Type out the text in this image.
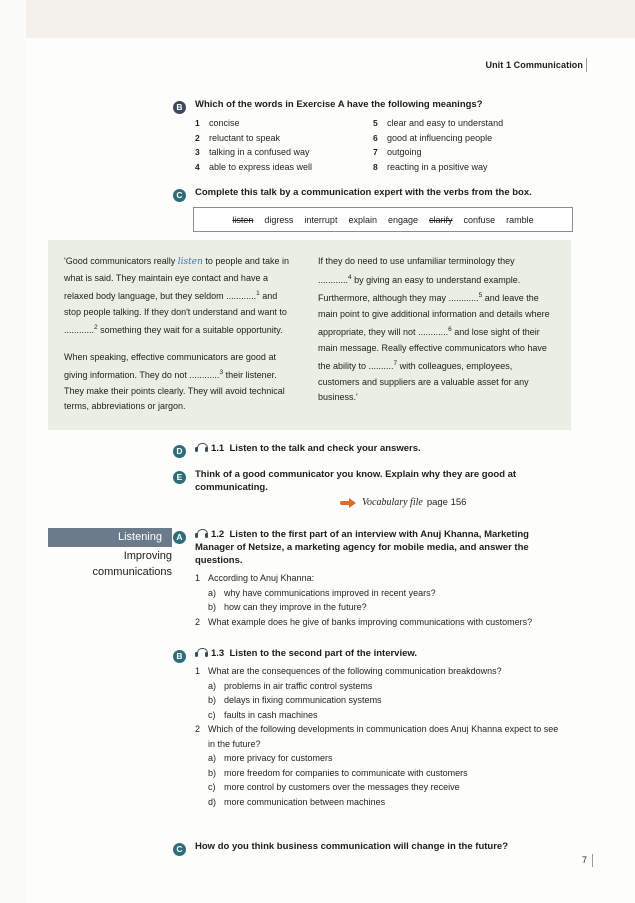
Unit 1 Communication
B	Which of the words in Exercise A have the following meanings?
1	concise
2	reluctant to speak
3	talking in a confused way
4	able to express ideas well
5	clear and easy to understand
6	good at influencing people
7	outgoing
8	reacting in a positive way
C	Complete this talk by a communication expert with the verbs from the box.
listen digress interrupt explain engage clarify confuse ramble

'Good communicators really listen to people and take in what is said. They maintain eye contact and have a relaxed body language, but they seldom ............$^1$ and stop people talking. If they don't understand and want to ............$^2$ something they wait for a suitable opportunity.

When speaking, effective communicators are good at giving information. They do not ............$^3$ their listener. They make their points clearly. They will avoid technical terms, abbreviations or jargon.

If they do need to use unfamiliar terminology they ............$^4$ by giving an easy to understand example. Furthermore, although they may ............$^5$ and leave the main point to give additional information and details where appropriate, they will not ............$^6$ and lose sight of their main message. Really effective communicators who have the ability to ..........$^7$ with colleagues, employees, customers and suppliers are a valuable asset for any business.'

D	1.1 Listen to the talk and check your answers.
E	Think of a good communicator you know. Explain why they are good at communicating.
Vocabulary file page 156
Listening
Improving
communications
A	1.2 Listen to the first part of an interview with Anuj Khanna, Marketing Manager of Netsize, a marketing agency for mobile media, and answer the questions.
1 According to Anuj Khanna:
a) why have communications improved in recent years?
b) how can they improve in the future?
2 What example does he give of banks improving communications with customers?
B	1.3 Listen to the second part of the interview.
1 What are the consequences of the following communication breakdowns?
a) problems in air traffic control systems
b) delays in fixing communication systems
c) faults in cash machines
2 Which of the following developments in communication does Anuj Khanna expect to see in the future?
a) more privacy for customers
b) more freedom for companies to communicate with customers
c) more control by customers over the messages they receive
d) more communication between machines
C	How do you think business communication will change in the future?
7
